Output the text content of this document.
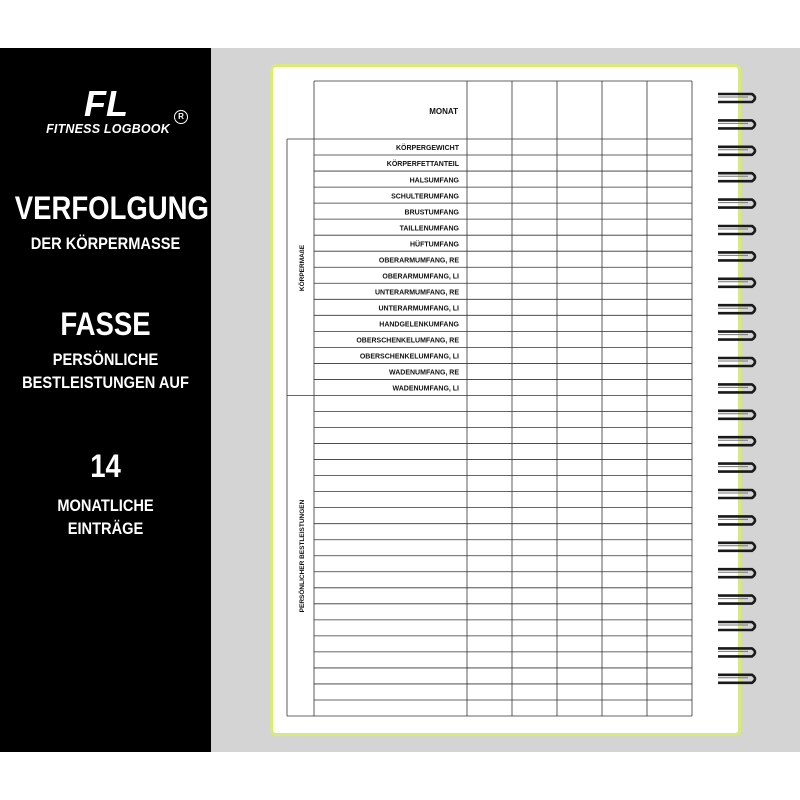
FL
FITNESS LOGBOOK
R
VERFOLGUNG
DER KÖRPERMASSE
FASSE
PERSÖNLICHE
BESTLEISTUNGEN AUF
14
MONATLICHE
EINTRÄGE
MONAT
KÖRPERMAßE
PERSÖNLICHER BESTLEISTUNGEN
KÖRPERGEWICHT
KÖRPERFETTANTEIL
HALSUMFANG
SCHULTERUMFANG
BRUSTUMFANG
TAILLENUMFANG
HÜFTUMFANG
OBERARMUMFANG, RE
OBERARMUMFANG, LI
UNTERARMUMFANG, RE
UNTERARMUMFANG, LI
HANDGELENKUMFANG
OBERSCHENKELUMFANG, RE
OBERSCHENKELUMFANG, LI
WADENUMFANG, RE
WADENUMFANG, LI
